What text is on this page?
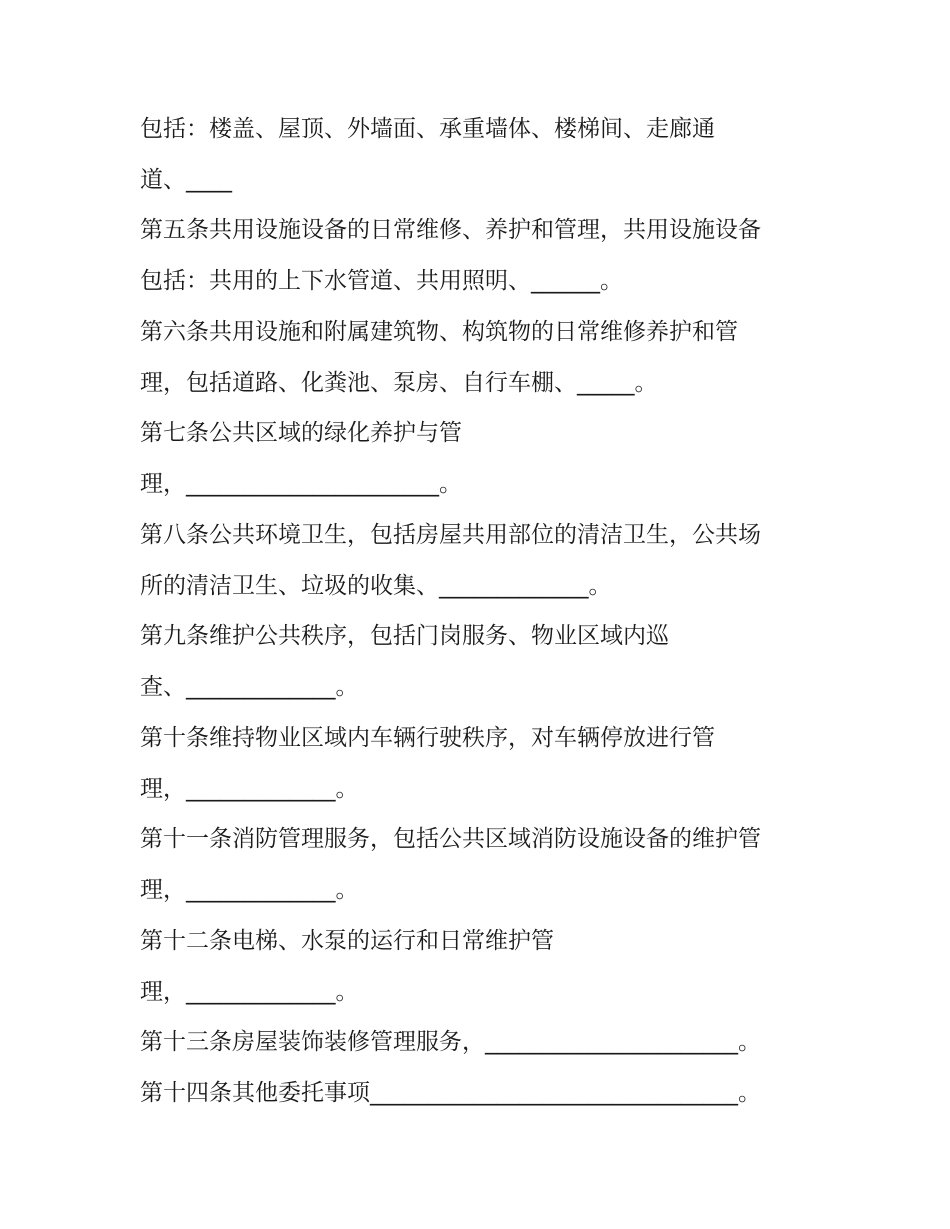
包括：楼盖、屋顶、外墙面、承重墙体、楼梯间、走廊通
道、____
第五条共用设施设备的日常维修、养护和管理，共用设施设备
包括：共用的上下水管道、共用照明、______。
第六条共用设施和附属建筑物、构筑物的日常维修养护和管
理，包括道路、化粪池、泵房、自行车棚、_____。
第七条公共区域的绿化养护与管
理，______________________。
第八条公共环境卫生，包括房屋共用部位的清洁卫生，公共场
所的清洁卫生、垃圾的收集、_____________。
第九条维护公共秩序，包括门岗服务、物业区域内巡
查、_____________。
第十条维持物业区域内车辆行驶秩序，对车辆停放进行管
理，_____________。
第十一条消防管理服务，包括公共区域消防设施设备的维护管
理，_____________。
第十二条电梯、水泵的运行和日常维护管
理，_____________。
第十三条房屋装饰装修管理服务，______________________。
第十四条其他委托事项________________________________。
